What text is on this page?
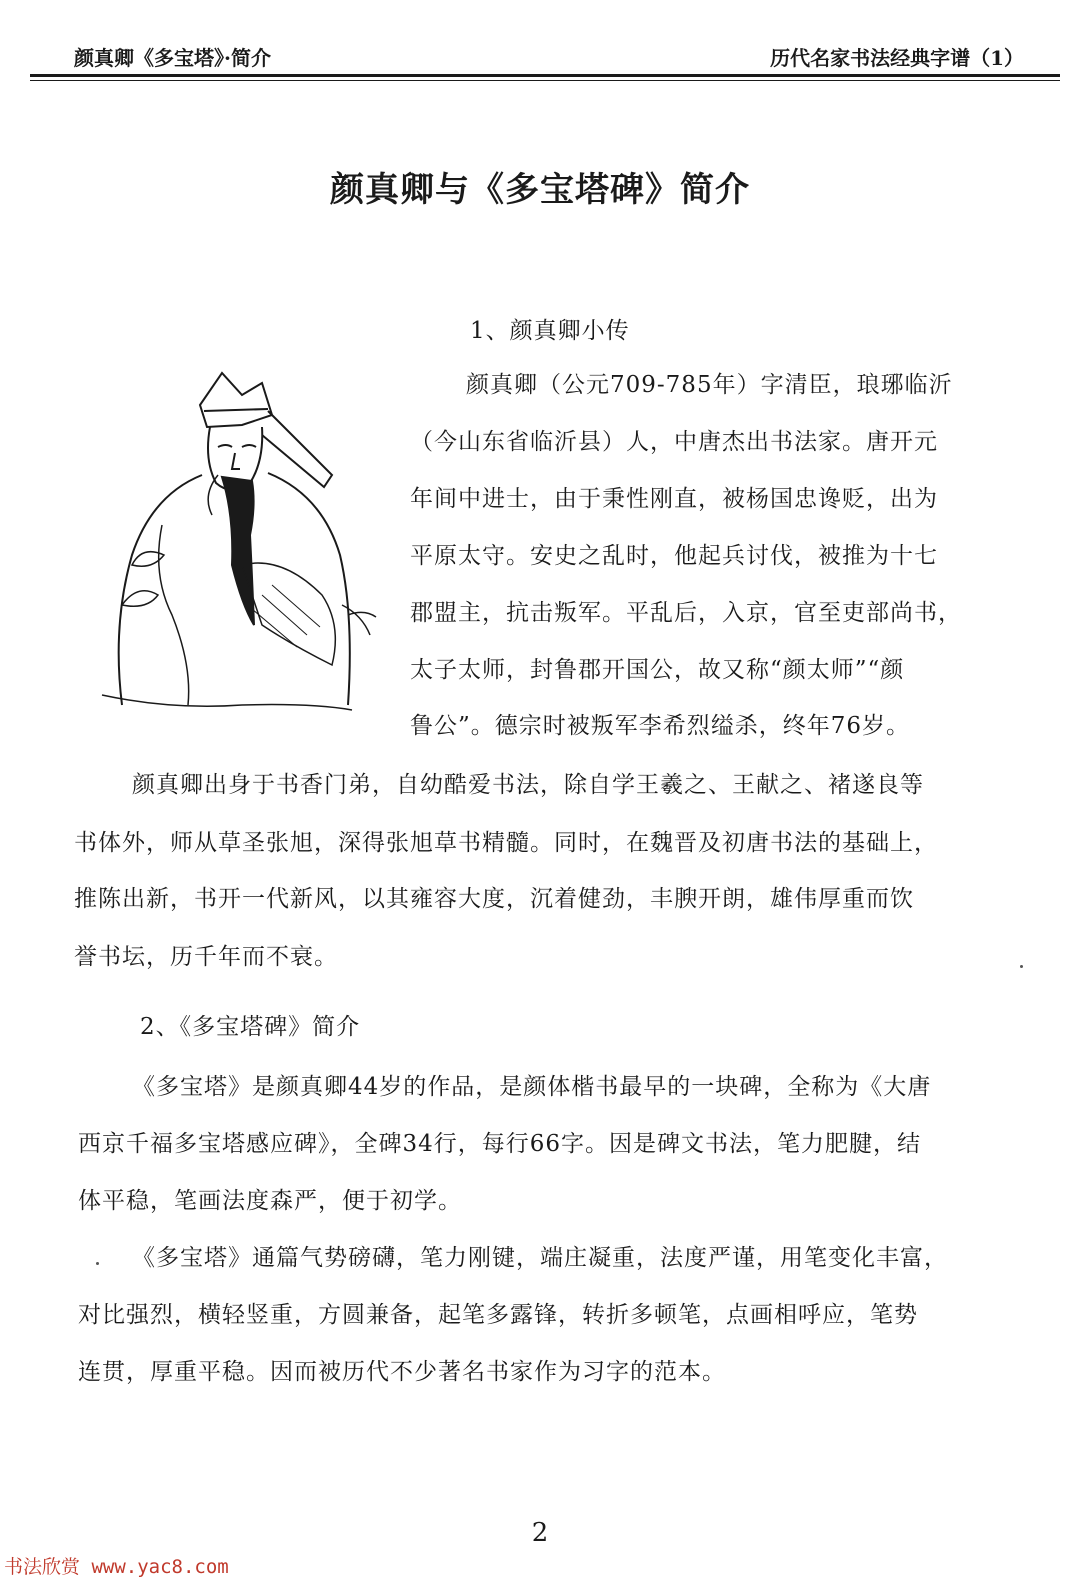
颜真卿《多宝塔》·简介	历代名家书法经典字谱（1）
颜真卿与《多宝塔碑》简介
1、颜真卿小传
颜真卿（公元709-785年）字清臣，琅琊临沂
（今山东省临沂县）人，中唐杰出书法家。唐开元
年间中进士，由于秉性刚直，被杨国忠谗贬，出为
平原太守。安史之乱时，他起兵讨伐，被推为十七
郡盟主，抗击叛军。平乱后，入京，官至吏部尚书，
太子太师，封鲁郡开国公，故又称“颜太师”“颜
鲁公”。德宗时被叛军李希烈缢杀，终年76岁。
颜真卿出身于书香门弟，自幼酷爱书法，除自学王羲之、王献之、褚遂良等
书体外，师从草圣张旭，深得张旭草书精髓。同时，在魏晋及初唐书法的基础上，
推陈出新，书开一代新风，以其雍容大度，沉着健劲，丰腴开朗，雄伟厚重而饮
誉书坛，历千年而不衰。
2、《多宝塔碑》简介
《多宝塔》是颜真卿44岁的作品，是颜体楷书最早的一块碑，全称为《大唐
西京千福多宝塔感应碑》，全碑34行，每行66字。因是碑文书法，笔力肥腱，结
体平稳，笔画法度森严，便于初学。
《多宝塔》通篇气势磅礴，笔力刚键，端庄凝重，法度严谨，用笔变化丰富，
对比强烈，横轻竖重，方圆兼备，起笔多露锋，转折多顿笔，点画相呼应，笔势
连贯，厚重平稳。因而被历代不少著名书家作为习字的范本。
2
书法欣赏 www.yac8.com
